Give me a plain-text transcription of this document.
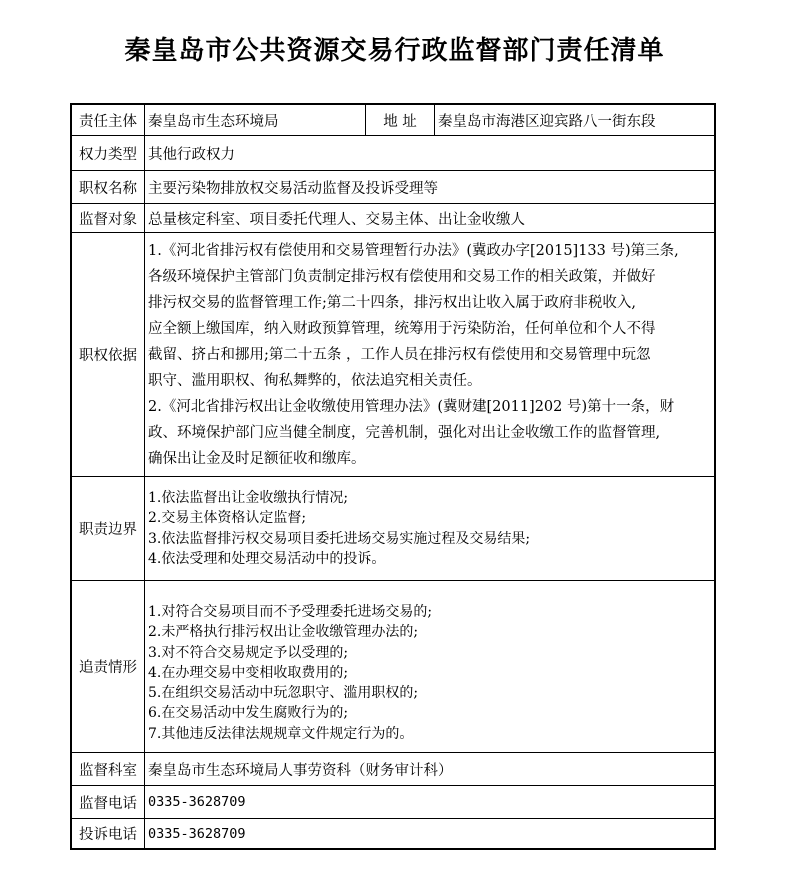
秦皇岛市公共资源交易行政监督部门责任清单
责任主体 秦皇岛市生态环境局	地 址	秦皇岛市海港区迎宾路八一街东段
权力类型 其他行政权力
职权名称 主要污染物排放权交易活动监督及投诉受理等
监督对象 总量核定科室、项目委托代理人、交易主体、出让金收缴人
职权依据
1.《河北省排污权有偿使用和交易管理暂行办法》(冀政办字[2015]133 号)第三条,
各级环境保护主管部门负责制定排污权有偿使用和交易工作的相关政策，并做好
排污权交易的监督管理工作;第二十四条，排污权出让收入属于政府非税收入,
应全额上缴国库，纳入财政预算管理，统筹用于污染防治，任何单位和个人不得
截留、挤占和挪用;第二十五条 ，工作人员在排污权有偿使用和交易管理中玩忽
职守、滥用职权、徇私舞弊的，依法追究相关责任。
2.《河北省排污权出让金收缴使用管理办法》(冀财建[2011]202 号)第十一条，财
政、环境保护部门应当健全制度，完善机制，强化对出让金收缴工作的监督管理,
确保出让金及时足额征收和缴库。
职责边界
1.依法监督出让金收缴执行情况;
2.交易主体资格认定监督;
3.依法监督排污权交易项目委托进场交易实施过程及交易结果;
4.依法受理和处理交易活动中的投诉。
追责情形
1.对符合交易项目而不予受理委托进场交易的;
2.未严格执行排污权出让金收缴管理办法的;
3.对不符合交易规定予以受理的;
4.在办理交易中变相收取费用的;
5.在组织交易活动中玩忽职守、滥用职权的;
6.在交易活动中发生腐败行为的;
7.其他违反法律法规规章文件规定行为的。
监督科室 秦皇岛市生态环境局人事劳资科（财务审计科）
监督电话 0335-3628709
投诉电话 0335-3628709
